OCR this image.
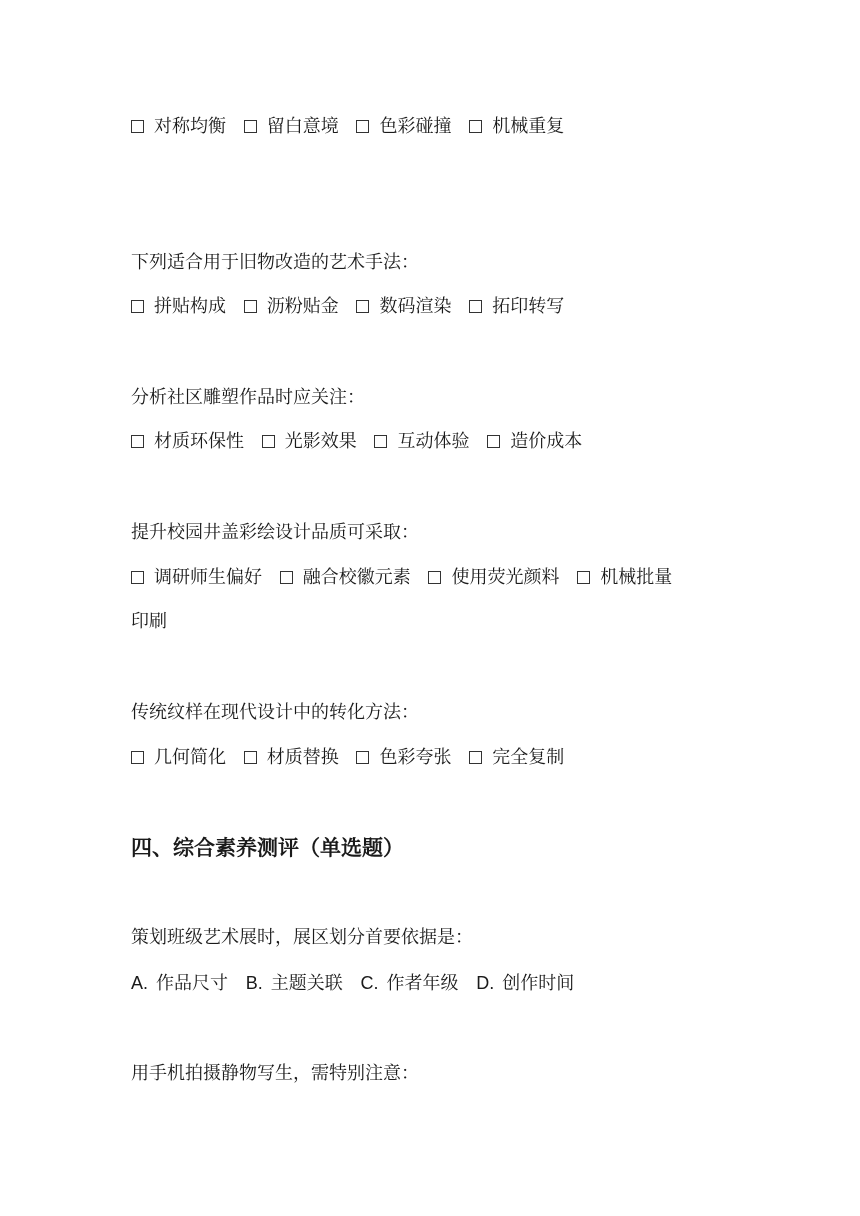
对称均衡 留白意境 色彩碰撞 机械重复
下列适合用于旧物改造的艺术手法：
拼贴构成 沥粉贴金 数码渲染 拓印转写
分析社区雕塑作品时应关注：
材质环保性 光影效果 互动体验 造价成本
提升校园井盖彩绘设计品质可采取：
调研师生偏好 融合校徽元素 使用荧光颜料 机械批量
印刷
传统纹样在现代设计中的转化方法：
几何简化 材质替换 色彩夸张 完全复制
四、综合素养测评（单选题）
策划班级艺术展时，展区划分首要依据是：
A. 作品尺寸 B. 主题关联 C. 作者年级 D. 创作时间
用手机拍摄静物写生，需特别注意：
